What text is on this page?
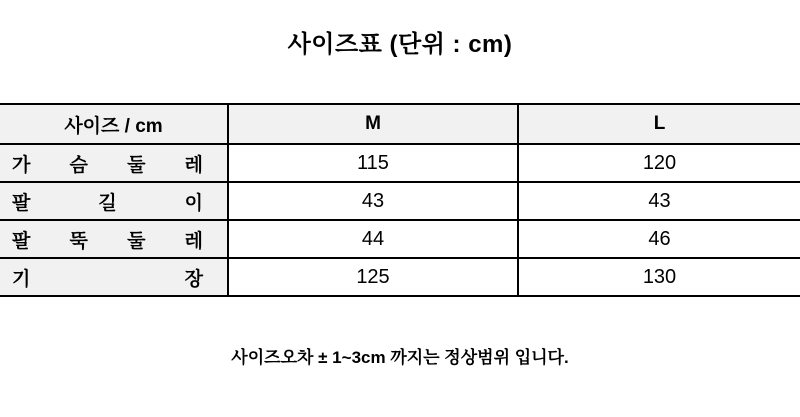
사이즈표 (단위 : cm)
사이즈 / cm	M	L

가 슴 둘 레	115	120

팔 길 이	43	43

팔 뚝 둘 레	44	46

기 장	125	130

사이즈오차 ± 1~3cm 까지는 정상범위 입니다.
